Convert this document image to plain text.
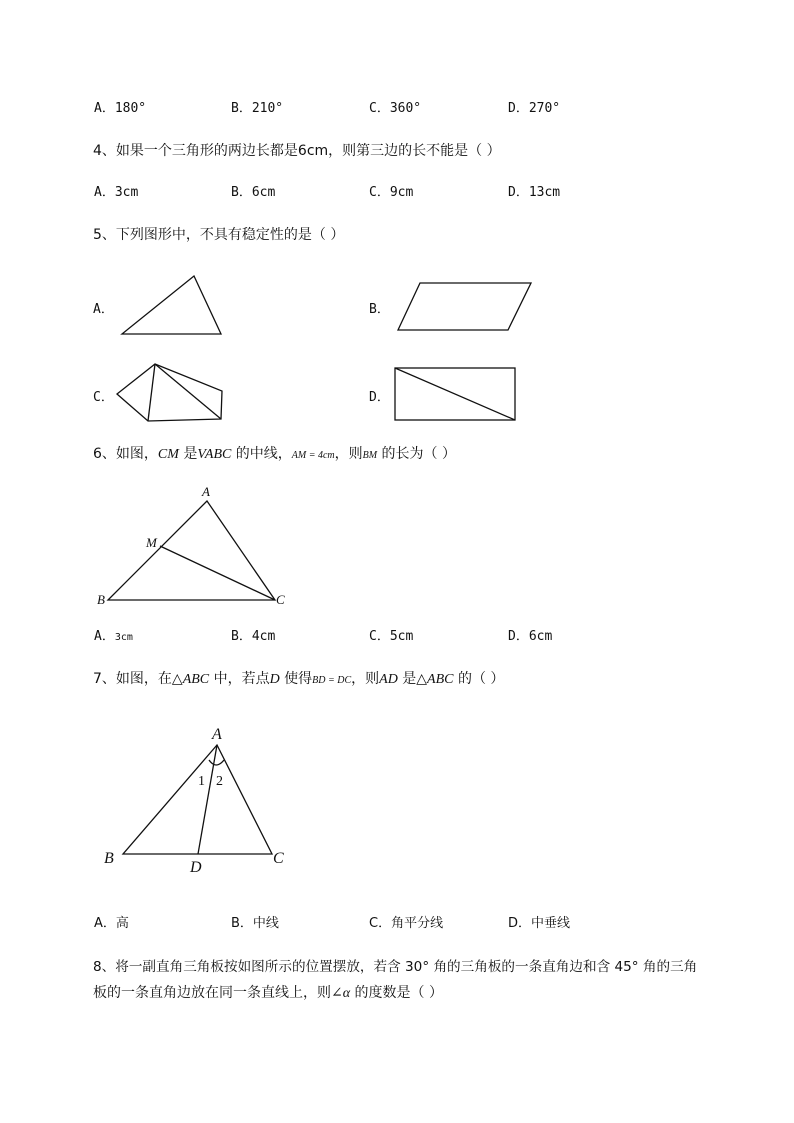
A．180°	B．210°	C．360°	D．270°
4、如果一个三角形的两边长都是6cm，则第三边的长不能是（ ）
A．3cm	B．6cm	C．9cm	D．13cm
5、下列图形中，不具有稳定性的是（ ）
A．	B．
C．	D．
6、如图，CM 是VABC 的中线，AM = 4cm，则BM 的长为（ ）
A
M
B	C
A．3cm	B．4cm	C．5cm	D．6cm
7、如图，在△ABC 中，若点D 使得BD = DC，则AD 是△ABC 的（ ）
A
B	C
D
1 2
A．高	B．中线	C．角平分线	D．中垂线
8、将一副直角三角板按如图所示的位置摆放，若含 30° 角的三角板的一条直角边和含 45° 角的三角
板的一条直角边放在同一条直线上，则∠α 的度数是（ ）
